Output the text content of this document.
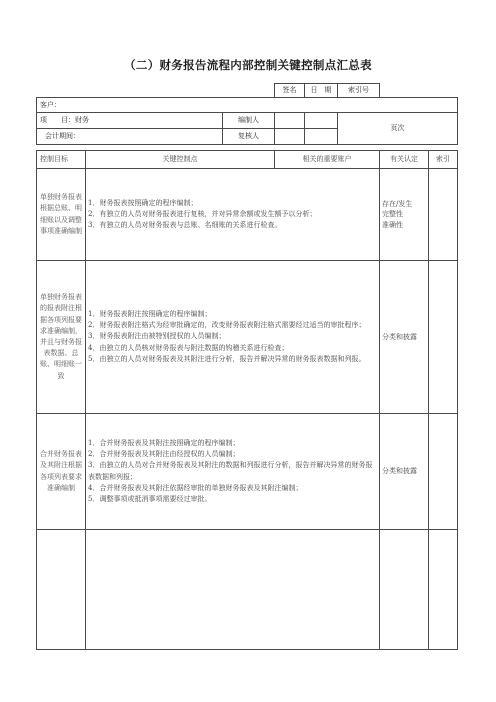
（二）财务报告流程内部控制关键控制点汇总表
			签名	日　期	索引号		
客户：							
项　　目：财务		编制人			页次		
会计期间：		复核人					

控制目标	关键控制点		相关的重要账户			有关认定	索引
单独财务报表根据总账、明细账以及调整事项准确编制	1．财务报表按照确定的程序编制；
2．有独立的人员对财务报表进行复核，并对异常余额或发生额予以分析；
3．有独立的人员对财务报表与总账、名细账的关系进行检查。					存在/发生
完整性
准确性	

单独财务报表的报表附注根据各项列报要求准确编制，并且与财务报表数据、总账、明细账一致	1．财务报表附注按照确定的程序编制；
2．财务报表附注格式为经审批确定的，改变财务报表附注格式需要经过适当的审批程序；
3．财务报表附注由被特别授权的人员编制；
4．由独立的人员核对财务报表与附注数据的钩稽关系进行检查；
5．由独立的人员对财务报表及其附注进行分析，报告并解决异常的财务报表数据和列报。					分类和披露	

合并财务报表及其附注根据各项列表要求准确编制	1．合并财务报表及其附注按照确定的程序编制；
2．合并财务报表及其附注由经授权的人员编制；
3．由独立的人员对合并财务报表及其附注的数据和列报进行分析，报告并解决异常的财务报表数据和列报；
4．合并财务报表及其附注依据经审批的单独财务报表及其附注编制；
5．调整事项或抵消事项需要经过审批。					分类和披露	
